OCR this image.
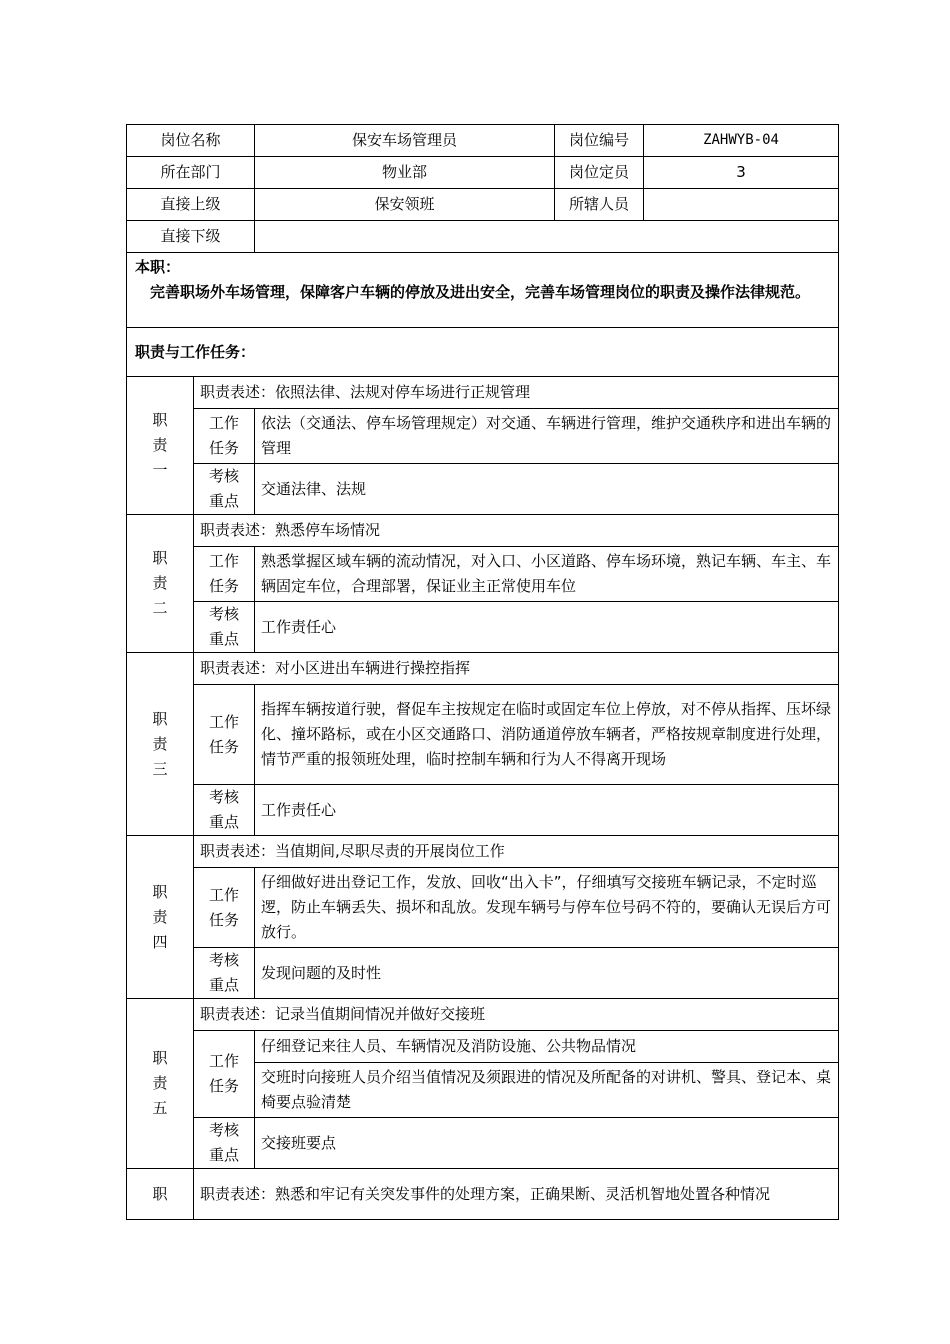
岗位名称		保安车场管理员	岗位编号	ZAHWYB-04
所在部门		物业部	岗位定员	3
直接上级		保安领班	所辖人员	
直接下级				

本职：
完善职场外车场管理，保障客户车辆的停放及进出安全，完善车场管理岗位的职责及操作法律规范。				

职责与工作任务：				

职责一	职责表述：依照法律、法规对停车场进行正规管理			

	工作
任务	依法（交通法、停车场管理规定）对交通、车辆进行管理，维护交通秩序和进出车辆的管理		

	考核
重点	交通法律、法规		

职责二	职责表述：熟悉停车场情况			

	工作
任务	熟悉掌握区域车辆的流动情况，对入口、小区道路、停车场环境，熟记车辆、车主、车辆固定车位，合理部署，保证业主正常使用车位		

	考核
重点	工作责任心		

职责三	职责表述：对小区进出车辆进行操控指挥			

	工作
任务	指挥车辆按道行驶，督促车主按规定在临时或固定车位上停放，对不停从指挥、压坏绿化、撞坏路标，或在小区交通路口、消防通道停放车辆者，严格按规章制度进行处理，情节严重的报领班处理，临时控制车辆和行为人不得离开现场		

	考核
重点	工作责任心		

职责四	职责表述：当值期间,尽职尽责的开展岗位工作			

	工作
任务	仔细做好进出登记工作，发放、回收“出入卡”，仔细填写交接班车辆记录，不定时巡逻，防止车辆丢失、损坏和乱放。发现车辆号与停车位号码不符的，要确认无误后方可放行。		

	考核
重点	发现问题的及时性		

职责五	职责表述：记录当值期间情况并做好交接班			

	工作
任务	仔细登记来往人员、车辆情况及消防设施、公共物品情况		
		交班时向接班人员介绍当值情况及须跟进的情况及所配备的对讲机、警具、登记本、桌椅要点验清楚		

	考核
重点	交接班要点		

职	职责表述：熟悉和牢记有关突发事件的处理方案，正确果断、灵活机智地处置各种情况			
